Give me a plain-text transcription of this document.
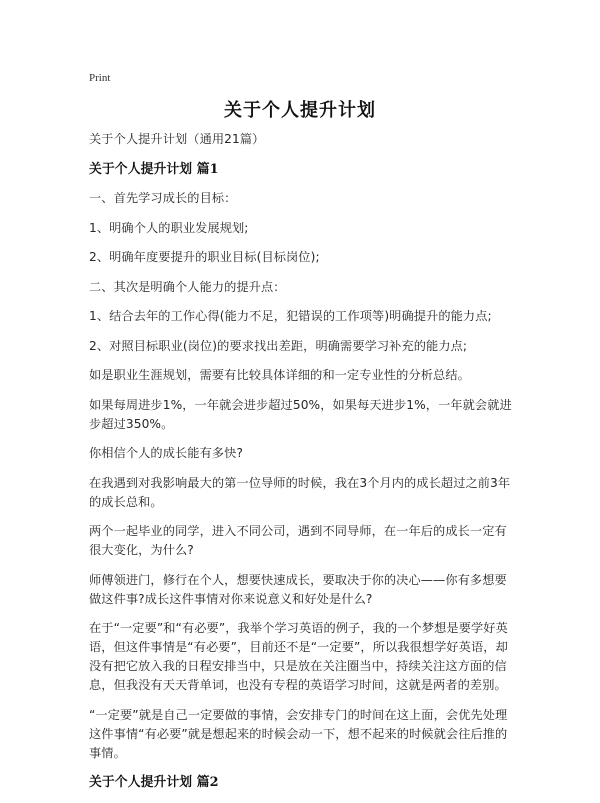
Print
关于个人提升计划

关于个人提升计划（通用21篇）

关于个人提升计划 篇1

一、首先学习成长的目标：

1、明确个人的职业发展规划;

2、明确年度要提升的职业目标(目标岗位);

二、其次是明确个人能力的提升点：

1、结合去年的工作心得(能力不足，犯错误的工作项等)明确提升的能力点;

2、对照目标职业(岗位)的要求找出差距，明确需要学习补充的能力点;

如是职业生涯规划，需要有比较具体详细的和一定专业性的分析总结。

如果每周进步1%，一年就会进步超过50%，如果每天进步1%，一年就会就进步超过350%。

你相信个人的成长能有多快?

在我遇到对我影响最大的第一位导师的时候，我在3个月内的成长超过之前3年的成长总和。

两个一起毕业的同学，进入不同公司，遇到不同导师，在一年后的成长一定有很大变化，为什么?

师傅领进门，修行在个人，想要快速成长，要取决于你的决心——你有多想要做这件事?成长这件事情对你来说意义和好处是什么?

在于“一定要”和“有必要”，我举个学习英语的例子，我的一个梦想是要学好英语，但这件事情是“有必要”，目前还不是“一定要”，所以我很想学好英语，却没有把它放入我的日程安排当中，只是放在关注圈当中，持续关注这方面的信息，但我没有天天背单词，也没有专程的英语学习时间，这就是两者的差别。

“一定要”就是自己一定要做的事情，会安排专门的时间在这上面，会优先处理这件事情“有必要”就是想起来的时候会动一下，想不起来的时候就会往后推的事情。

关于个人提升计划 篇2
